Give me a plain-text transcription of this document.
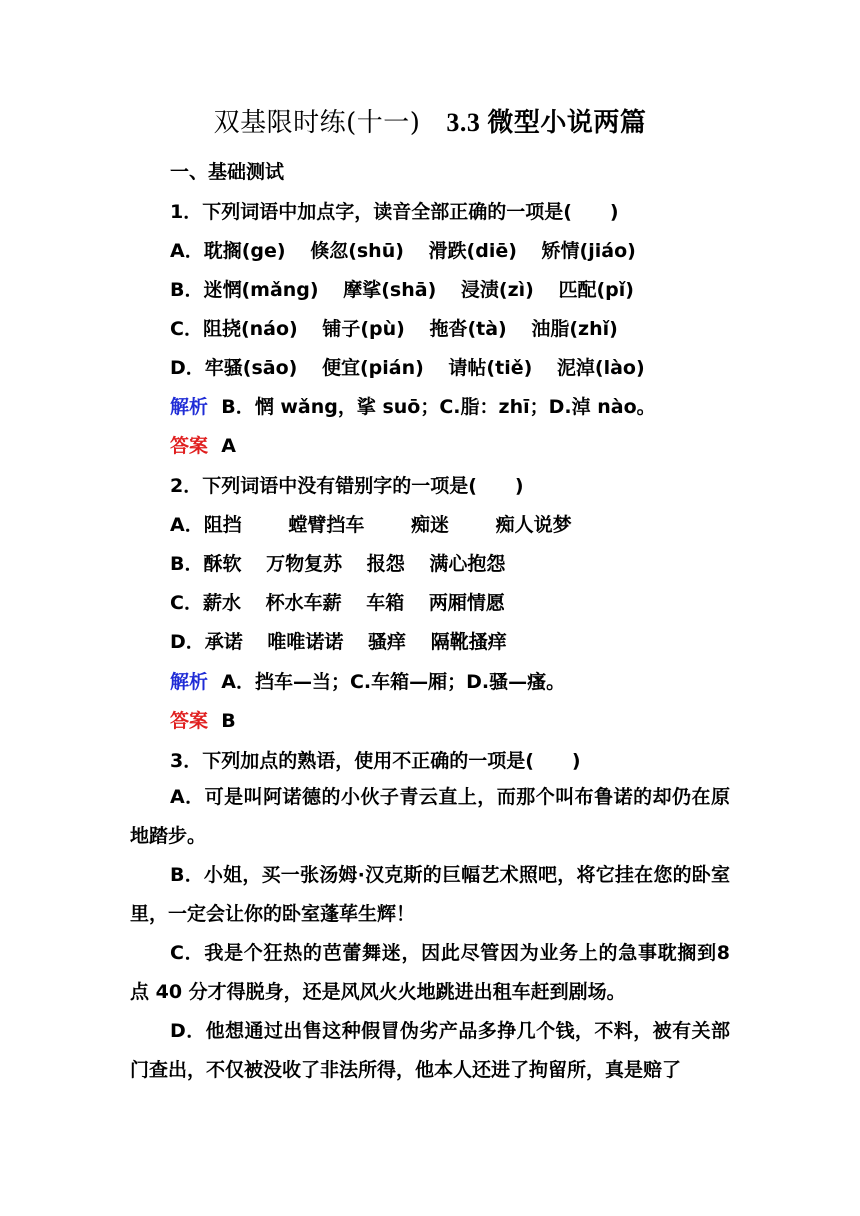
双基限时练(十一) 3.3 微型小说两篇
一、基础测试
1．下列词语中加点字，读音全部正确的一项是(　　)
A．耽搁(ge) 倏忽(shū) 滑跌(diē) 矫情(jiáo)
B．迷惘(mǎng) 摩挲(shā) 浸渍(zì) 匹配(pǐ)
C．阻挠(náo) 铺子(pù) 拖沓(tà) 油脂(zhǐ)
D．牢骚(sāo) 便宜(pián) 请帖(tiě) 泥淖(lào)
解析 B．惘 wǎng，挲 suō；C.脂：zhī；D.淖 nào。
答案 A
2．下列词语中没有错别字的一项是(　　)
A．阻挡 螳臂挡车 痴迷 痴人说梦
B．酥软 万物复苏 报怨 满心抱怨
C．薪水 杯水车薪 车箱 两厢情愿
D．承诺 唯唯诺诺 骚痒 隔靴搔痒
解析 A．挡车—当；C.车箱—厢；D.骚—瘙。
答案 B
3．下列加点的熟语，使用不正确的一项是(　　)
A．可是叫阿诺德的小伙子青云直上，而那个叫布鲁诺的却仍在原地踏步。
B．小姐，买一张汤姆·汉克斯的巨幅艺术照吧，将它挂在您的卧室里，一定会让你的卧室蓬荜生辉！
C．我是个狂热的芭蕾舞迷，因此尽管因为业务上的急事耽搁到8 点 40 分才得脱身，还是风风火火地跳进出租车赶到剧场。
D．他想通过出售这种假冒伪劣产品多挣几个钱，不料，被有关部门查出，不仅被没收了非法所得，他本人还进了拘留所，真是赔了
